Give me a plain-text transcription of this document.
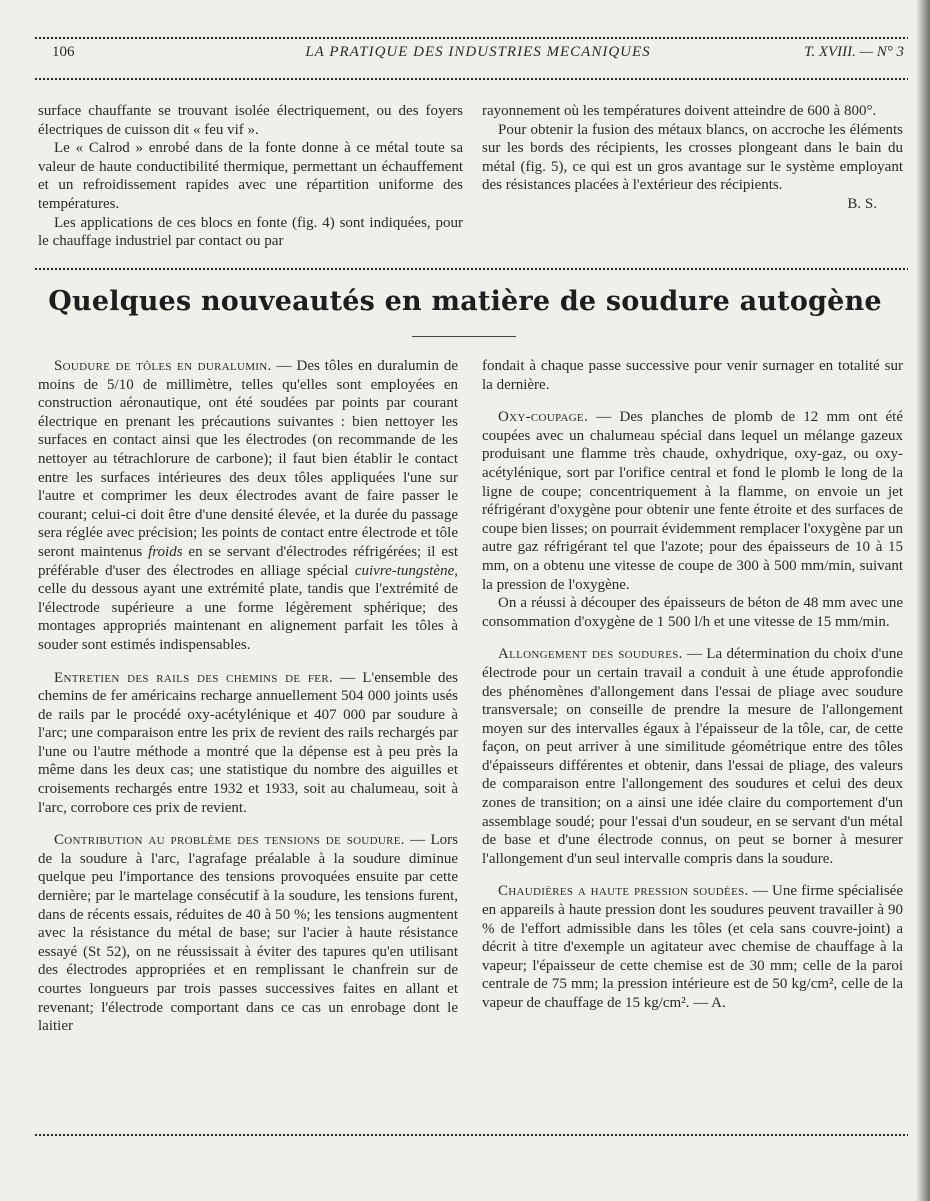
106	LA PRATIQUE DES INDUSTRIES MECANIQUES	T. XVIII. — N° 3

surface chauffante se trouvant isolée électriquement, ou des foyers électriques de cuisson dit « feu vif ».

Le « Calrod » enrobé dans de la fonte donne à ce métal toute sa valeur de haute conductibilité thermique, permettant un échauffement et un refroidissement rapides avec une répartition uniforme des températures.

Les applications de ces blocs en fonte (fig. 4) sont indiquées, pour le chauffage industriel par contact ou par

rayonnement où les températures doivent atteindre de 600 à 800°.

Pour obtenir la fusion des métaux blancs, on accroche les éléments sur les bords des récipients, les crosses plongeant dans le bain du métal (fig. 5), ce qui est un gros avantage sur le système employant des résistances placées à l'extérieur des récipients.

B. S.

Quelques nouveautés en matière de soudure autogène

Soudure de tôles en duralumin. — Des tôles en duralumin de moins de 5/10 de millimètre, telles qu'elles sont employées en construction aéronautique, ont été soudées par points par courant électrique en prenant les précautions suivantes : bien nettoyer les surfaces en contact ainsi que les électrodes (on recommande de les nettoyer au tétrachlorure de carbone); il faut bien établir le contact entre les surfaces intérieures des deux tôles appliquées l'une sur l'autre et comprimer les deux électrodes avant de faire passer le courant; celui-ci doit être d'une densité élevée, et la durée du passage sera réglée avec précision; les points de contact entre électrode et tôle seront maintenus froids en se servant d'électrodes réfrigérées; il est préférable d'user des électrodes en alliage spécial cuivre-tungstène, celle du dessous ayant une extrémité plate, tandis que l'extrémité de l'électrode supérieure a une forme légèrement sphérique; des montages appropriés maintenant en alignement parfait les tôles à souder sont estimés indispensables.

Entretien des rails des chemins de fer. — L'ensemble des chemins de fer américains recharge annuellement 504 000 joints usés de rails par le procédé oxy-acétylénique et 407 000 par soudure à l'arc; une comparaison entre les prix de revient des rails rechargés par l'une ou l'autre méthode a montré que la dépense est à peu près la même dans les deux cas; une statistique du nombre des aiguilles et croisements rechargés entre 1932 et 1933, soit au chalumeau, soit à l'arc, corrobore ces prix de revient.

Contribution au problème des tensions de soudure. — Lors de la soudure à l'arc, l'agrafage préalable à la soudure diminue quelque peu l'importance des tensions provoquées ensuite par cette dernière; par le martelage consécutif à la soudure, les tensions furent, dans de récents essais, réduites de 40 à 50 %; les tensions augmentent avec la résistance du métal de base; sur l'acier à haute résistance essayé (St 52), on ne réussissait à éviter des tapures qu'en utilisant des électrodes appropriées et en remplissant le chanfrein sur de courtes longueurs par trois passes successives faites en allant et revenant; l'électrode comportant dans ce cas un enrobage dont le laitier

fondait à chaque passe successive pour venir surnager en totalité sur la dernière.

Oxy-coupage. — Des planches de plomb de 12 mm ont été coupées avec un chalumeau spécial dans lequel un mélange gazeux produisant une flamme très chaude, oxhydrique, oxy-gaz, ou oxy-acétylénique, sort par l'orifice central et fond le plomb le long de la ligne de coupe; concentriquement à la flamme, on envoie un jet réfrigérant d'oxygène pour obtenir une fente étroite et des surfaces de coupe bien lisses; on pourrait évidemment remplacer l'oxygène par un autre gaz réfrigérant tel que l'azote; pour des épaisseurs de 10 à 15 mm, on a obtenu une vitesse de coupe de 300 à 500 mm/min, suivant la pression de l'oxygène.

On a réussi à découper des épaisseurs de béton de 48 mm avec une consommation d'oxygène de 1 500 l/h et une vitesse de 15 mm/min.

Allongement des soudures. — La détermination du choix d'une électrode pour un certain travail a conduit à une étude approfondie des phénomènes d'allongement dans l'essai de pliage avec soudure transversale; on conseille de prendre la mesure de l'allongement moyen sur des intervalles égaux à l'épaisseur de la tôle, car, de cette façon, on peut arriver à une similitude géométrique entre des tôles d'épaisseurs différentes et obtenir, dans l'essai de pliage, des valeurs de comparaison entre l'allongement des soudures et celui des deux zones de transition; on a ainsi une idée claire du comportement d'un assemblage soudé; pour l'essai d'un soudeur, en se servant d'un métal de base et d'une électrode connus, on peut se borner à mesurer l'allongement d'un seul intervalle compris dans la soudure.

Chaudières a haute pression soudées. — Une firme spécialisée en appareils à haute pression dont les soudures peuvent travailler à 90 % de l'effort admissible dans les tôles (et cela sans couvre-joint) a décrit à titre d'exemple un agitateur avec chemise de chauffage à la vapeur; l'épaisseur de cette chemise est de 30 mm; celle de la paroi centrale de 75 mm; la pression intérieure est de 50 kg/cm², celle de la vapeur de chauffage de 15 kg/cm². — A.
